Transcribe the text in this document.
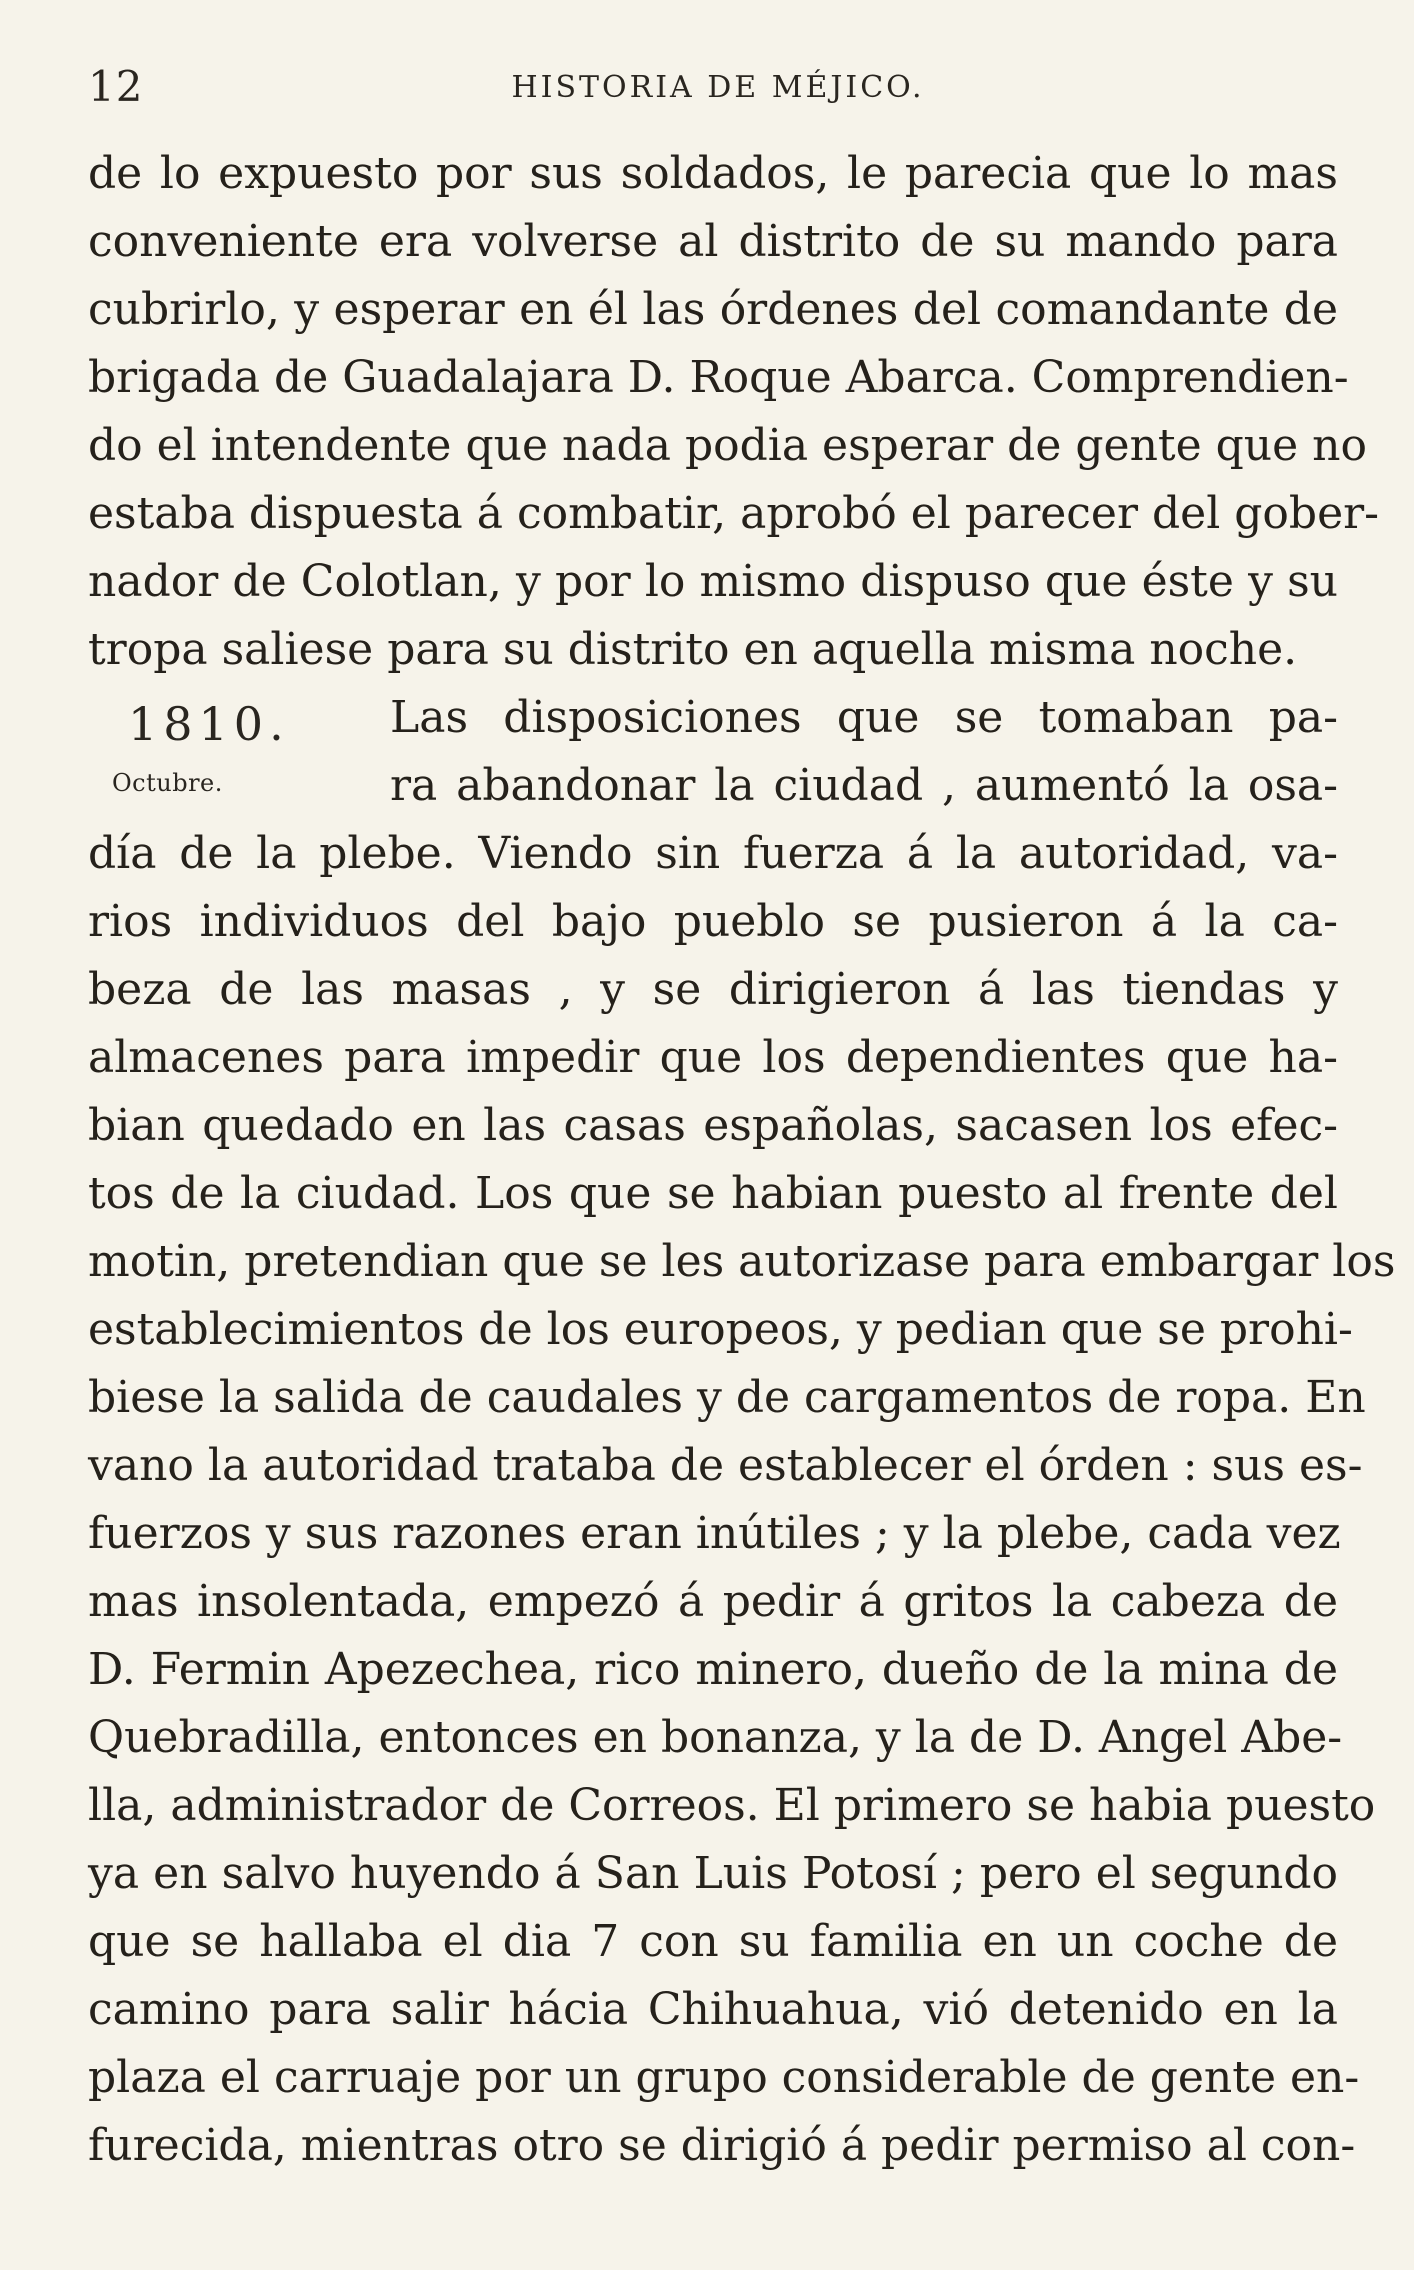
12	HISTORIA DE MÉJICO.
1810.
Octubre.
de lo expuesto por sus soldados, le parecia que lo mas
conveniente era volverse al distrito de su mando para
cubrirlo, y esperar en él las órdenes del comandante de
brigada de Guadalajara D. Roque Abarca. Comprendien-
do el intendente que nada podia esperar de gente que no
estaba dispuesta á combatir, aprobó el parecer del gober-
nador de Colotlan, y por lo mismo dispuso que éste y su
tropa saliese para su distrito en aquella misma noche.
Las disposiciones que se tomaban pa-
ra abandonar la ciudad , aumentó la osa-
día de la plebe. Viendo sin fuerza á la autoridad, va-
rios individuos del bajo pueblo se pusieron á la ca-
beza de las masas , y se dirigieron á las tiendas y
almacenes para impedir que los dependientes que ha-
bian quedado en las casas españolas, sacasen los efec-
tos de la ciudad. Los que se habian puesto al frente del
motin, pretendian que se les autorizase para embargar los
establecimientos de los europeos, y pedian que se prohi-
biese la salida de caudales y de cargamentos de ropa. En
vano la autoridad trataba de establecer el órden : sus es-
fuerzos y sus razones eran inútiles ; y la plebe, cada vez
mas insolentada, empezó á pedir á gritos la cabeza de
D. Fermin Apezechea, rico minero, dueño de la mina de
Quebradilla, entonces en bonanza, y la de D. Angel Abe-
lla, administrador de Correos. El primero se habia puesto
ya en salvo huyendo á San Luis Potosí ; pero el segundo
que se hallaba el dia 7 con su familia en un coche de
camino para salir hácia Chihuahua, vió detenido en la
plaza el carruaje por un grupo considerable de gente en-
furecida, mientras otro se dirigió á pedir permiso al con-
